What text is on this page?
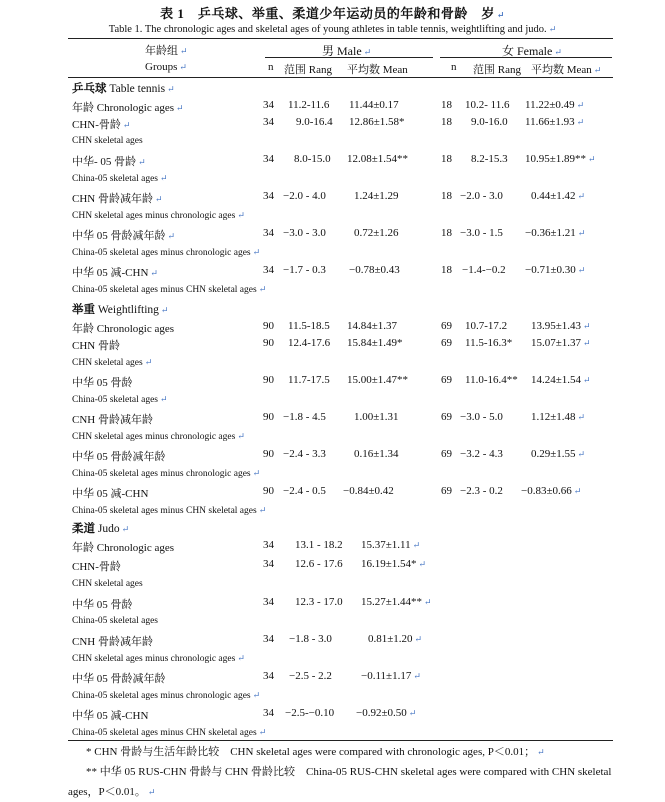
表 1　乒乓球、举重、柔道少年运动员的年龄和骨龄　岁 ↵
Table 1. The chronologic ages and skeletal ages of young athletes in table tennis, weightlifting and judo. ↵
年龄组 ↵
Groups ↵
男 Male ↵	女 Female ↵
n 范围 Rang 平均数 Mean	n 范围 Rang 平均数 Mean ↵
乒乓球 Table tennis ↵
年龄 Chronologic ages ↵	34 11.2-11.6 11.44±0.17	18 10.2- 11.6 11.22±0.49 ↵
CHN-骨龄 ↵	34 9.0-16.4 12.86±1.58*	18 9.0-16.0 11.66±1.93 ↵
CHN skeletal ages
中华- 05 骨龄 ↵	34 8.0-15.0 12.08±1.54**	18 8.2-15.3 10.95±1.89** ↵
China-05 skeletal ages ↵
CHN 骨龄减年龄 ↵	34 −2.0 - 4.0	1.24±1.29	18 −2.0 - 3.0	0.44±1.42 ↵
CHN skeletal ages minus chronologic ages ↵
中华 05 骨龄减年龄 ↵	34 −3.0 - 3.0	0.72±1.26	18 −3.0 - 1.5 −0.36±1.21 ↵
China-05 skeletal ages minus chronologic ages ↵
中华 05 减-CHN ↵	34 −1.7 - 0.3 −0.78±0.43	18 −1.4-−0.2 −0.71±0.30 ↵
China-05 skeletal ages minus CHN skeletal ages ↵
举重 Weightlifting ↵
年龄 Chronologic ages	90 11.5-18.5 14.84±1.37	69 10.7-17.2 13.95±1.43 ↵
CHN 骨龄	90 12.4-17.6 15.84±1.49*	69 11.5-16.3* 15.07±1.37 ↵
CHN skeletal ages ↵
中华 05 骨龄	90 11.7-17.5 15.00±1.47**	69 11.0-16.4** 14.24±1.54 ↵
China-05 skeletal ages ↵
CNH 骨龄减年龄	90 −1.8 - 4.5	1.00±1.31	69 −3.0 - 5.0	1.12±1.48 ↵
CHN skeletal ages minus chronologic ages ↵
中华 05 骨龄减年龄	90 −2.4 - 3.3	0.16±1.34	69 −3.2 - 4.3	0.29±1.55 ↵
China-05 skeletal ages minus chronologic ages ↵
中华 05 减-CHN	90 −2.4 - 0.5 −0.84±0.42	69 −2.3 - 0.2 −0.83±0.66 ↵
China-05 skeletal ages minus CHN skeletal ages ↵
柔道 Judo ↵
年龄 Chronologic ages	34 13.1 - 18.2 15.37±1.11 ↵
CHN-骨龄	34 12.6 - 17.6 16.19±1.54* ↵
CHN skeletal ages
中华 05 骨龄	34 12.3 - 17.0 15.27±1.44** ↵
China-05 skeletal ages
CNH 骨龄减年龄	34 −1.8 - 3.0	0.81±1.20 ↵
CHN skeletal ages minus chronologic ages ↵
中华 05 骨龄减年龄	34 −2.5 - 2.2	−0.11±1.17 ↵
China-05 skeletal ages minus chronologic ages ↵
中华 05 减-CHN	34 −2.5-−0.10 −0.92±0.50 ↵
China-05 skeletal ages minus CHN skeletal ages ↵
* CHN 骨龄与生活年龄比较　CHN skeletal ages were compared with chronologic ages, P＜0.01； ↵
** 中华 05 RUS-CHN 骨龄与 CHN 骨龄比较　China-05 RUS-CHN skeletal ages were compared with CHN skeletal ages，P＜0.01。 ↵
